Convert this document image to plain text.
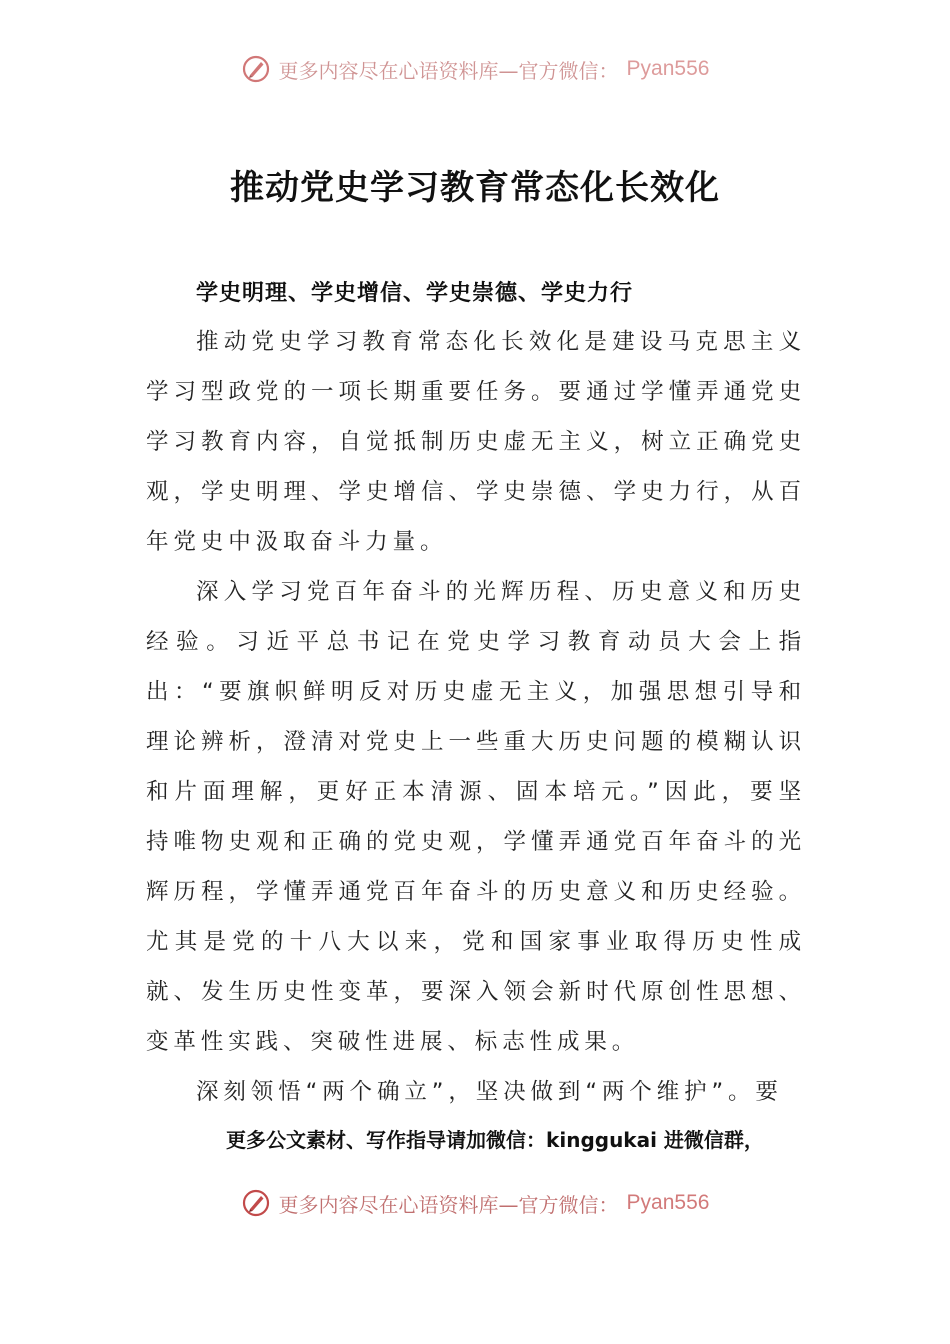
更多内容尽在心语资料库—官方微信： Pyan556
推动党史学习教育常态化长效化
学史明理、学史增信、学史崇德、学史力行

推动党史学习教育常态化长效化是建设马克思主义学习型政党的一项长期重要任务。要通过学懂弄通党史学习教育内容，自觉抵制历史虚无主义，树立正确党史观，学史明理、学史增信、学史崇德、学史力行，从百年党史中汲取奋斗力量。

深入学习党百年奋斗的光辉历程、历史意义和历史经验。习近平总书记在党史学习教育动员大会上指出：“要旗帜鲜明反对历史虚无主义，加强思想引导和理论辨析，澄清对党史上一些重大历史问题的模糊认识和片面理解，更好正本清源、固本培元。”因此，要坚持唯物史观和正确的党史观，学懂弄通党百年奋斗的光辉历程，学懂弄通党百年奋斗的历史意义和历史经验。尤其是党的十八大以来，党和国家事业取得历史性成就、发生历史性变革，要深入领会新时代原创性思想、变革性实践、突破性进展、标志性成果。

深刻领悟“两个确立”，坚决做到“两个维护”。要

更多公文素材、写作指导请加微信：kinggukai 进微信群，

更多内容尽在心语资料库—官方微信： Pyan556
